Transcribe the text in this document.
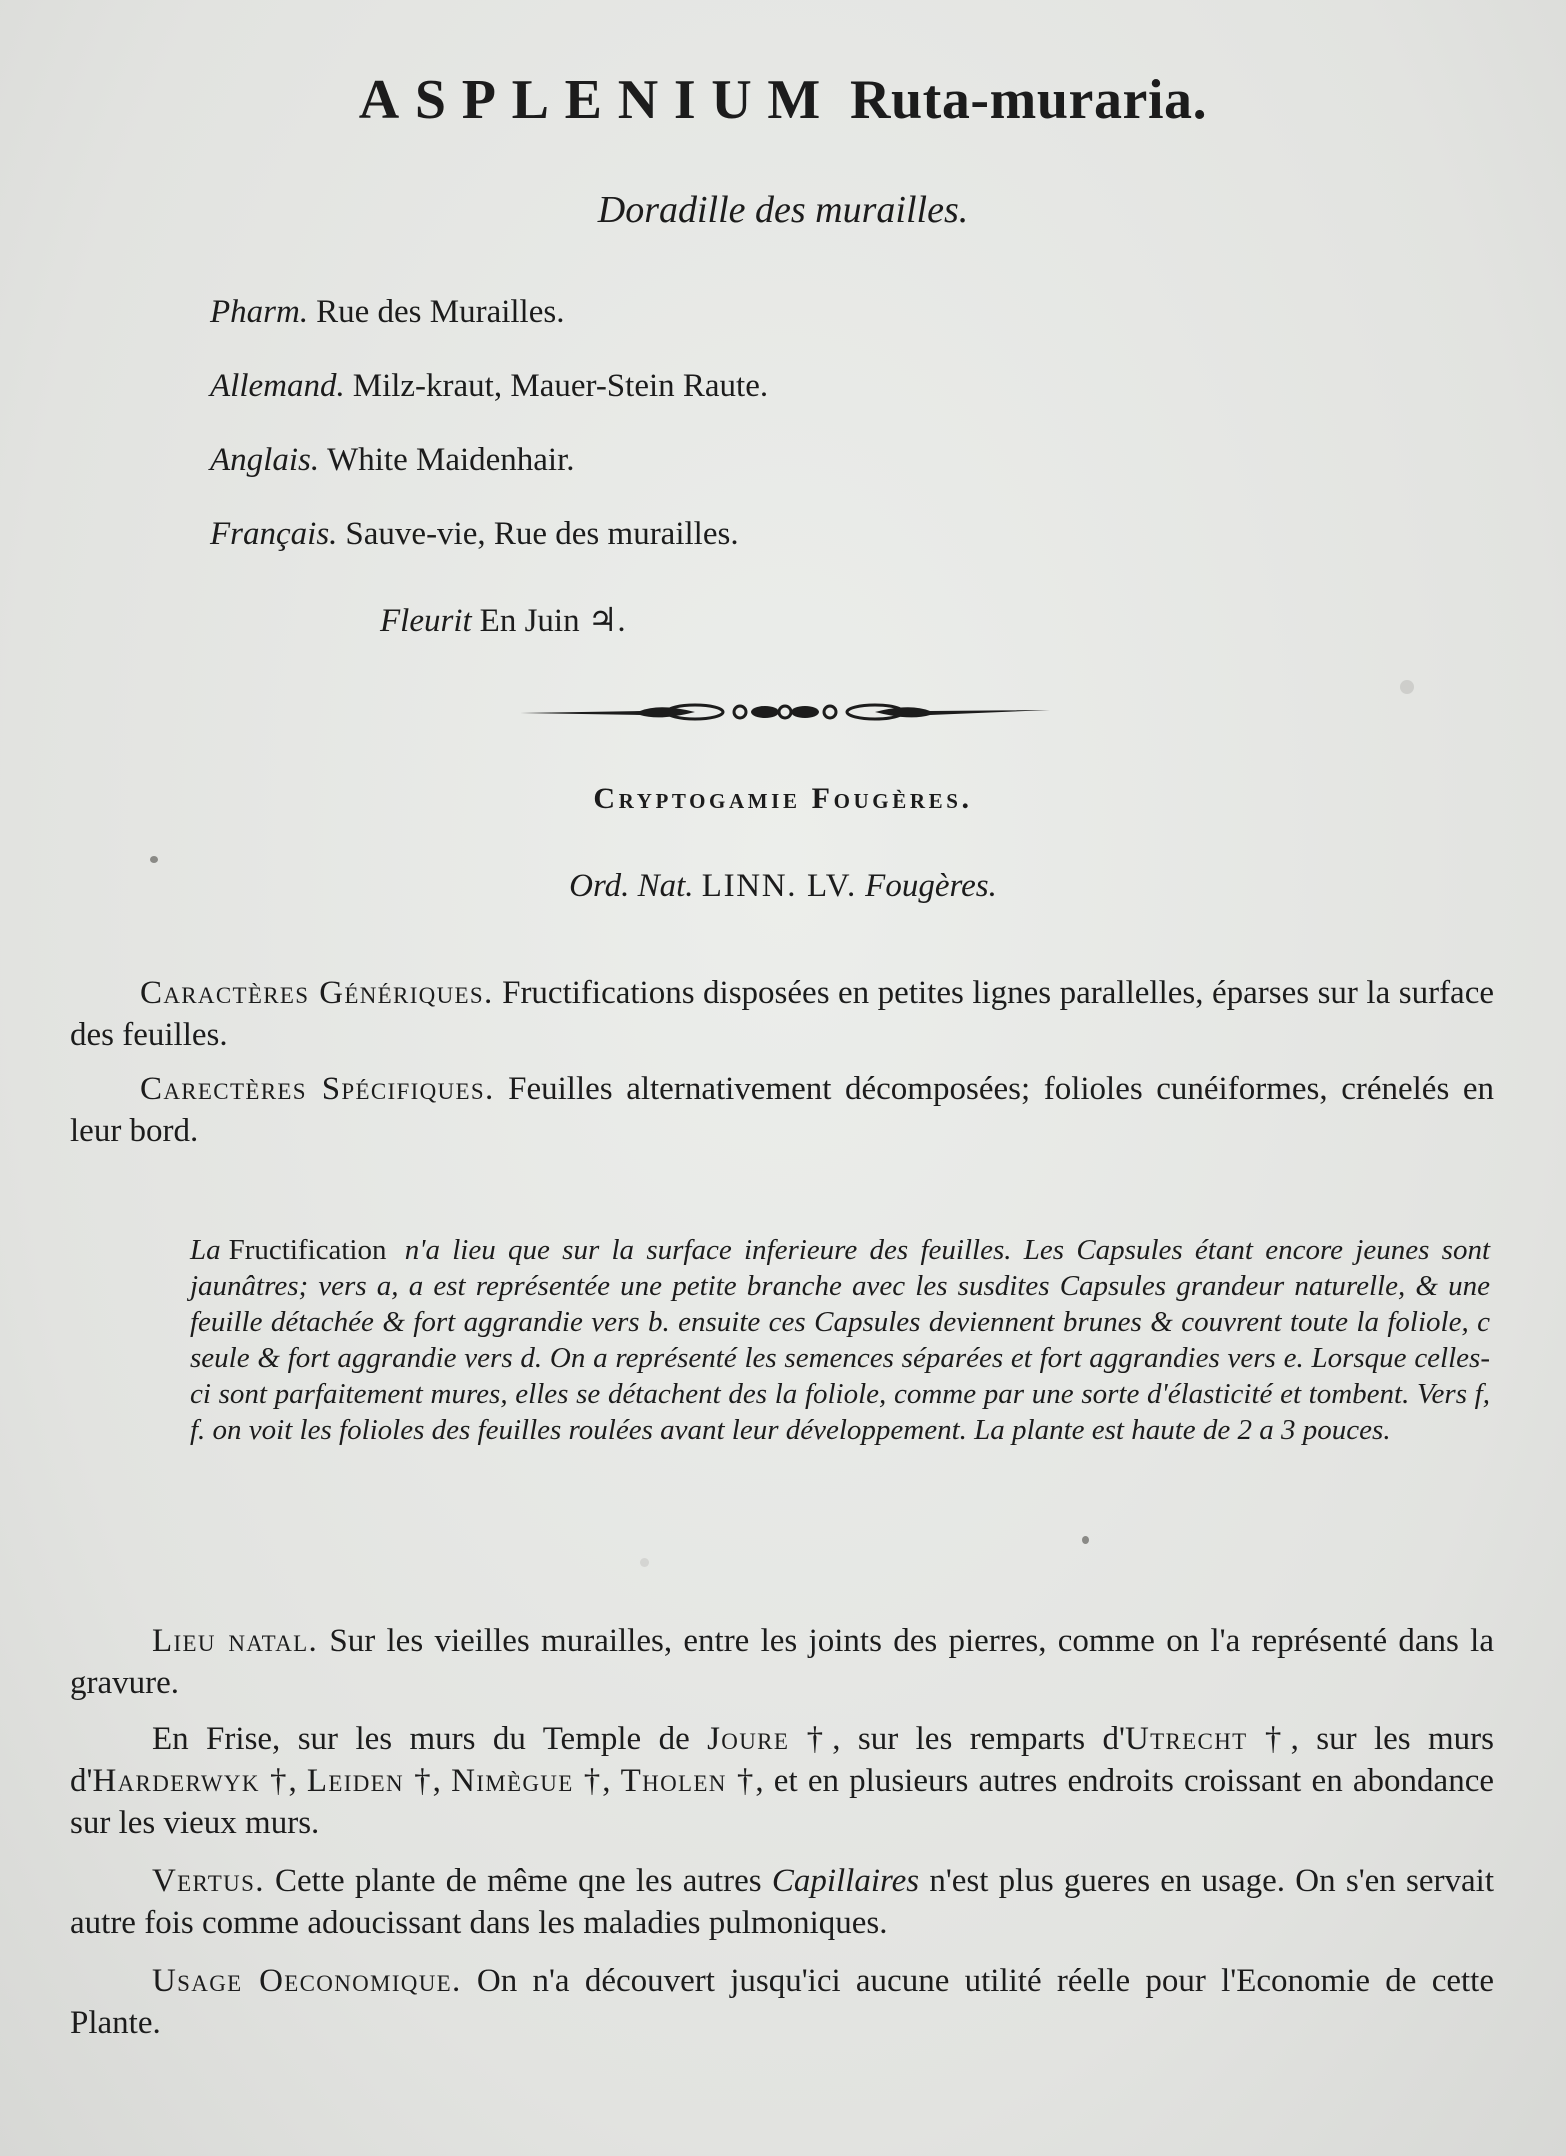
ASPLENIUM Ruta-muraria.
Doradille des murailles.
Pharm. Rue des Murailles.
Allemand. Milz-kraut, Mauer-Stein Raute.
Anglais. White Maidenhair.
Français. Sauve-vie, Rue des murailles.
Fleurit En Juin ♃.
Cryptogamie Fougères.
Ord. Nat. LINN. LV. Fougères.
Caractères Génériques. Fructifications disposées en petites lignes parallelles, éparses sur la surface des feuilles.
Carectères Spécifiques. Feuilles alternativement décomposées; folioles cunéiformes, crénelés en leur bord.
La Fructification n'a lieu que sur la surface inferieure des feuilles. Les Capsules étant encore jeunes sont jaunâtres; vers a, a est représentée une petite branche avec les susdites Capsules grandeur naturelle, & une feuille détachée & fort aggrandie vers b. ensuite ces Capsules deviennent brunes & couvrent toute la foliole, c seule & fort aggrandie vers d. On a représenté les semences séparées et fort aggrandies vers e. Lorsque celles-ci sont parfaitement mures, elles se détachent des la foliole, comme par une sorte d'élasticité et tombent. Vers f, f. on voit les folioles des feuilles roulées avant leur développement. La plante est haute de 2 a 3 pouces.
Lieu natal. Sur les vieilles murailles, entre les joints des pierres, comme on l'a représenté dans la gravure.
En Frise, sur les murs du Temple de Joure †, sur les remparts d'Utrecht †, sur les murs d'Harderwyk †, Leiden †, Nimègue †, Tholen †, et en plusieurs autres endroits croissant en abondance sur les vieux murs.
Vertus. Cette plante de même qne les autres Capillaires n'est plus gueres en usage. On s'en servait autre fois comme adoucissant dans les maladies pulmoniques.
Usage Oeconomique. On n'a découvert jusqu'ici aucune utilité réelle pour l'Economie de cette Plante.
